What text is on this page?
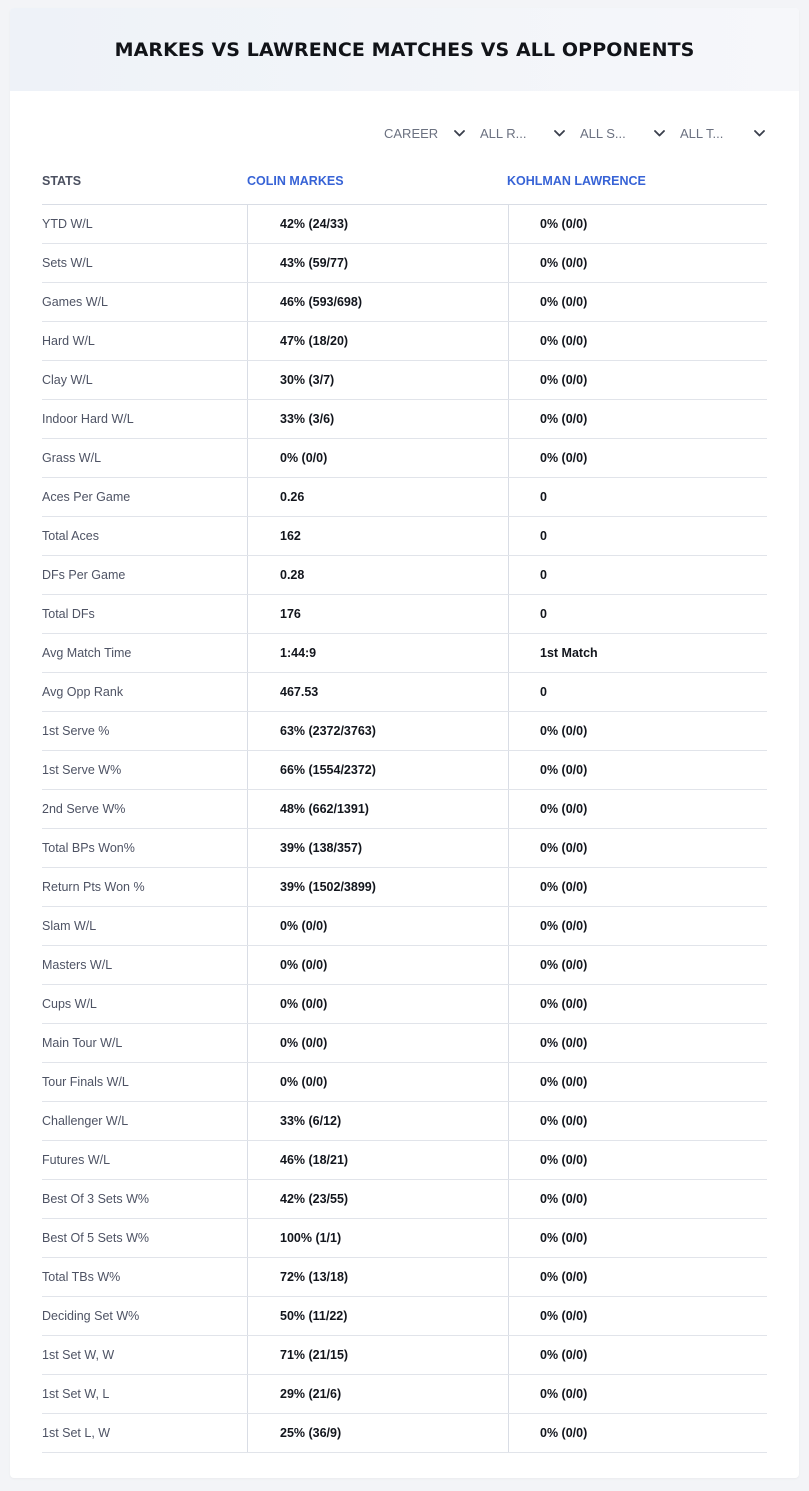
MARKES VS LAWRENCE MATCHES VS ALL OPPONENTS
CAREER	ALL R...	ALL S...	ALL T...
STATS	COLIN MARKES	KOHLMAN LAWRENCE
YTD W/L	42% (24/33)	0% (0/0)
Sets W/L	43% (59/77)	0% (0/0)
Games W/L	46% (593/698)	0% (0/0)
Hard W/L	47% (18/20)	0% (0/0)
Clay W/L	30% (3/7)	0% (0/0)
Indoor Hard W/L	33% (3/6)	0% (0/0)
Grass W/L	0% (0/0)	0% (0/0)
Aces Per Game	0.26	0
Total Aces	162	0
DFs Per Game	0.28	0
Total DFs	176	0
Avg Match Time	1:44:9	1st Match
Avg Opp Rank	467.53	0
1st Serve %	63% (2372/3763)	0% (0/0)
1st Serve W%	66% (1554/2372)	0% (0/0)
2nd Serve W%	48% (662/1391)	0% (0/0)
Total BPs Won%	39% (138/357)	0% (0/0)
Return Pts Won %	39% (1502/3899)	0% (0/0)
Slam W/L	0% (0/0)	0% (0/0)
Masters W/L	0% (0/0)	0% (0/0)
Cups W/L	0% (0/0)	0% (0/0)
Main Tour W/L	0% (0/0)	0% (0/0)
Tour Finals W/L	0% (0/0)	0% (0/0)
Challenger W/L	33% (6/12)	0% (0/0)
Futures W/L	46% (18/21)	0% (0/0)
Best Of 3 Sets W%	42% (23/55)	0% (0/0)
Best Of 5 Sets W%	100% (1/1)	0% (0/0)
Total TBs W%	72% (13/18)	0% (0/0)
Deciding Set W%	50% (11/22)	0% (0/0)
1st Set W, W	71% (21/15)	0% (0/0)
1st Set W, L	29% (21/6)	0% (0/0)
1st Set L, W	25% (36/9)	0% (0/0)
